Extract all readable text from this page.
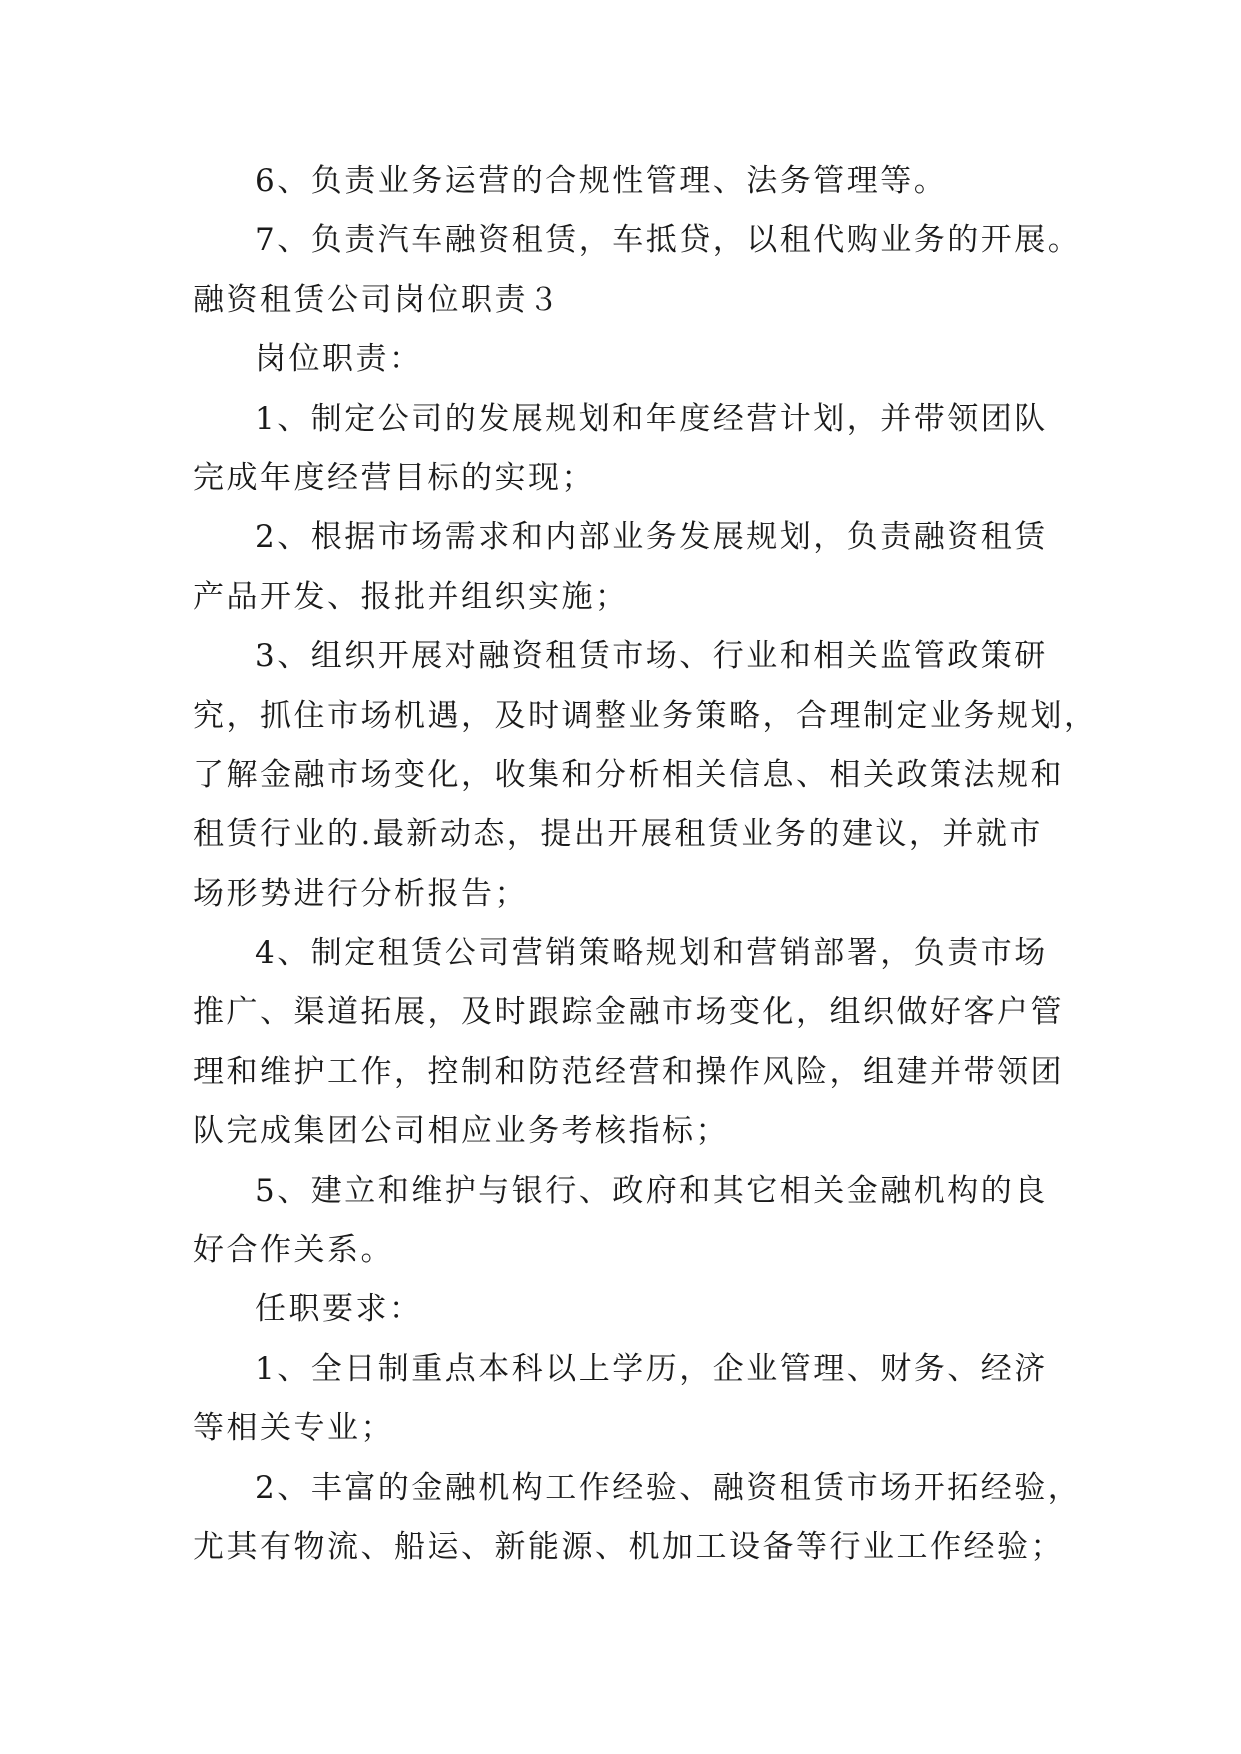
6、负责业务运营的合规性管理、法务管理等。
7、负责汽车融资租赁，车抵贷，以租代购业务的开展。
融资租赁公司岗位职责３
岗位职责：
1、制定公司的发展规划和年度经营计划，并带领团队
完成年度经营目标的实现；
2、根据市场需求和内部业务发展规划，负责融资租赁
产品开发、报批并组织实施；
3、组织开展对融资租赁市场、行业和相关监管政策研
究，抓住市场机遇，及时调整业务策略，合理制定业务规划，
了解金融市场变化，收集和分析相关信息、相关政策法规和
租赁行业的.最新动态，提出开展租赁业务的建议，并就市
场形势进行分析报告；
4、制定租赁公司营销策略规划和营销部署，负责市场
推广、渠道拓展，及时跟踪金融市场变化，组织做好客户管
理和维护工作，控制和防范经营和操作风险，组建并带领团
队完成集团公司相应业务考核指标；
5、建立和维护与银行、政府和其它相关金融机构的良
好合作关系。
任职要求：
1、全日制重点本科以上学历，企业管理、财务、经济
等相关专业；
2、丰富的金融机构工作经验、融资租赁市场开拓经验，
尤其有物流、船运、新能源、机加工设备等行业工作经验；
